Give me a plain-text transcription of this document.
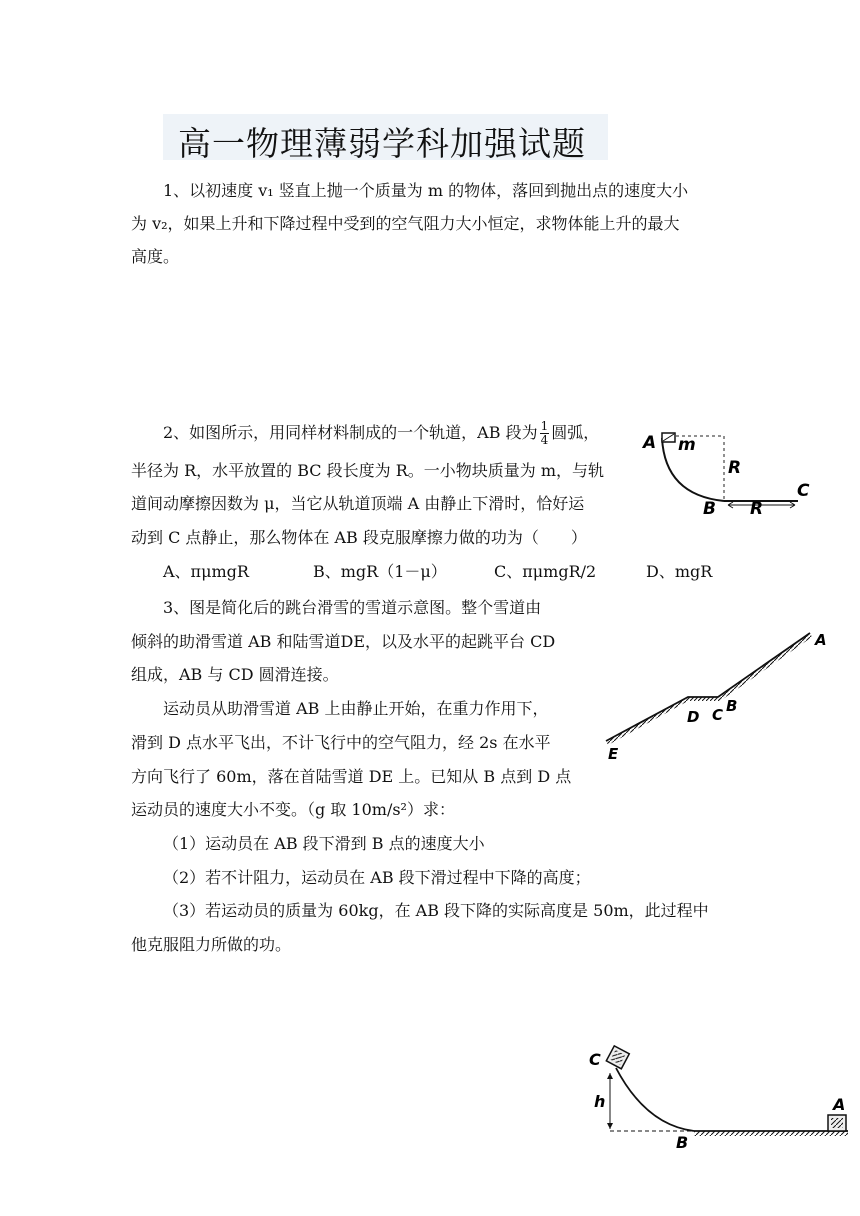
高一物理薄弱学科加强试题
1、以初速度 v₁ 竖直上抛一个质量为 m 的物体，落回到抛出点的速度大小
为 v₂，如果上升和下降过程中受到的空气阻力大小恒定，求物体能上升的最大
高度。
2、如图所示，用同样材料制成的一个轨道，AB 段为 $\frac{1}{4}$ 圆弧，
半径为 R，水平放置的 BC 段长度为 R。一小物块质量为 m，与轨
道间动摩擦因数为 μ，当它从轨道顶端 A 由静止下滑时，恰好运
动到 C 点静止，那么物体在 AB 段克服摩擦力做的功为（　　）
A、πμmgR	B、mgR（1－μ）	C、πμmgR/2	D、mgR
A m
R
B R
C
3、图是简化后的跳台滑雪的雪道示意图。整个雪道由
倾斜的助滑雪道 AB 和陆雪道DE，以及水平的起跳平台 CD
组成，AB 与 CD 圆滑连接。
运动员从助滑雪道 AB 上由静止开始，在重力作用下，
滑到 D 点水平飞出，不计飞行中的空气阻力，经 2s 在水平
方向飞行了 60m，落在首陆雪道 DE 上。已知从 B 点到 D 点
运动员的速度大小不变。（g 取 10m/s²）求：
（1）运动员在 AB 段下滑到 B 点的速度大小
（2）若不计阻力，运动员在 AB 段下滑过程中下降的高度；
（3）若运动员的质量为 60kg，在 AB 段下降的实际高度是 50m，此过程中
他克服阻力所做的功。
A
B
C
D
E
C
h
B
A
